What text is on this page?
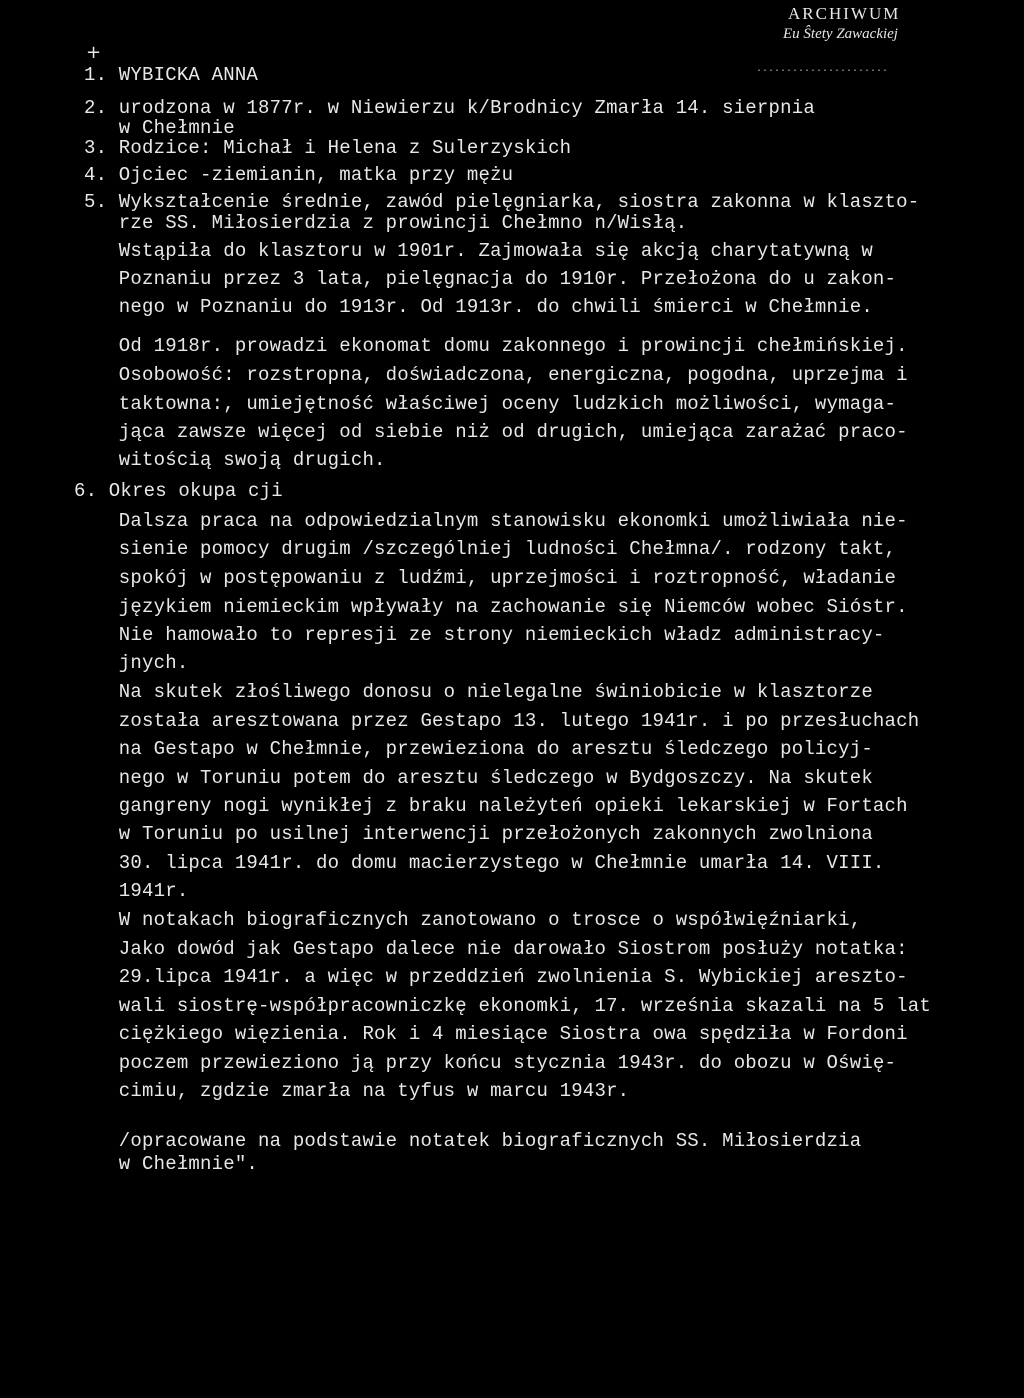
ARCHIWUM
Eu Ŝtety Zawackiej
......................
+
1. WYBICKA ANNA
2. urodzona w 1877r. w Niewierzu k/Brodnicy Zmarła 14. sierpnia
w Chełmnie
3. Rodzice: Michał i Helena z Sulerzyskich
4. Ojciec -ziemianin, matka przy mężu
5. Wykształcenie średnie, zawód pielęgniarka, siostra zakonna w klaszto-
rze SS. Miłosierdzia z prowincji Chełmno n/Wisłą.
Wstąpiła do klasztoru w 1901r. Zajmowała się akcją charytatywną w
Poznaniu przez 3 lata, pielęgnacja do 1910r. Przełożona do u zakon-
nego w Poznaniu do 1913r. Od 1913r. do chwili śmierci w Chełmnie.
Od 1918r. prowadzi ekonomat domu zakonnego i prowincji chełmińskiej.
Osobowość: rozstropna, doświadczona, energiczna, pogodna, uprzejma i
taktowna:, umiejętność właściwej oceny ludzkich możliwości, wymaga-
jąca zawsze więcej od siebie niż od drugich, umiejąca zarażać praco-
witością swoją drugich.
6. Okres okupa cji
Dalsza praca na odpowiedzialnym stanowisku ekonomki umożliwiała nie-
sienie pomocy drugim /szczególniej ludności Chełmna/. rodzony takt,
spokój w postępowaniu z ludźmi, uprzejmości i roztropność, władanie
językiem niemieckim wpływały na zachowanie się Niemców wobec Sióstr.
Nie hamowało to represji ze strony niemieckich władz administracy-
jnych.
Na skutek złośliwego donosu o nielegalne świniobicie w klasztorze
została aresztowana przez Gestapo 13. lutego 1941r. i po przesłuchach
na Gestapo w Chełmnie, przewieziona do aresztu śledczego policyj-
nego w Toruniu potem do aresztu śledczego w Bydgoszczy. Na skutek
gangreny nogi wynikłej z braku należyteń opieki lekarskiej w Fortach
w Toruniu po usilnej interwencji przełożonych zakonnych zwolniona
30. lipca 1941r. do domu macierzystego w Chełmnie umarła 14. VIII.
1941r.
W notakach biograficznych zanotowano o trosce o współwięźniarki,
Jako dowód jak Gestapo dalece nie darowało Siostrom posłuży notatka:
29.lipca 1941r. a więc w przeddzień zwolnienia S. Wybickiej areszto-
wali siostrę-współpracowniczkę ekonomki, 17. września skazali na 5 lat
ciężkiego więzienia. Rok i 4 miesiące Siostra owa spędziła w Fordoni
poczem przewieziono ją przy końcu stycznia 1943r. do obozu w Oświę-
cimiu, zgdzie zmarła na tyfus w marcu 1943r.
/opracowane na podstawie notatek biograficznych SS. Miłosierdzia
w Chełmnie".
